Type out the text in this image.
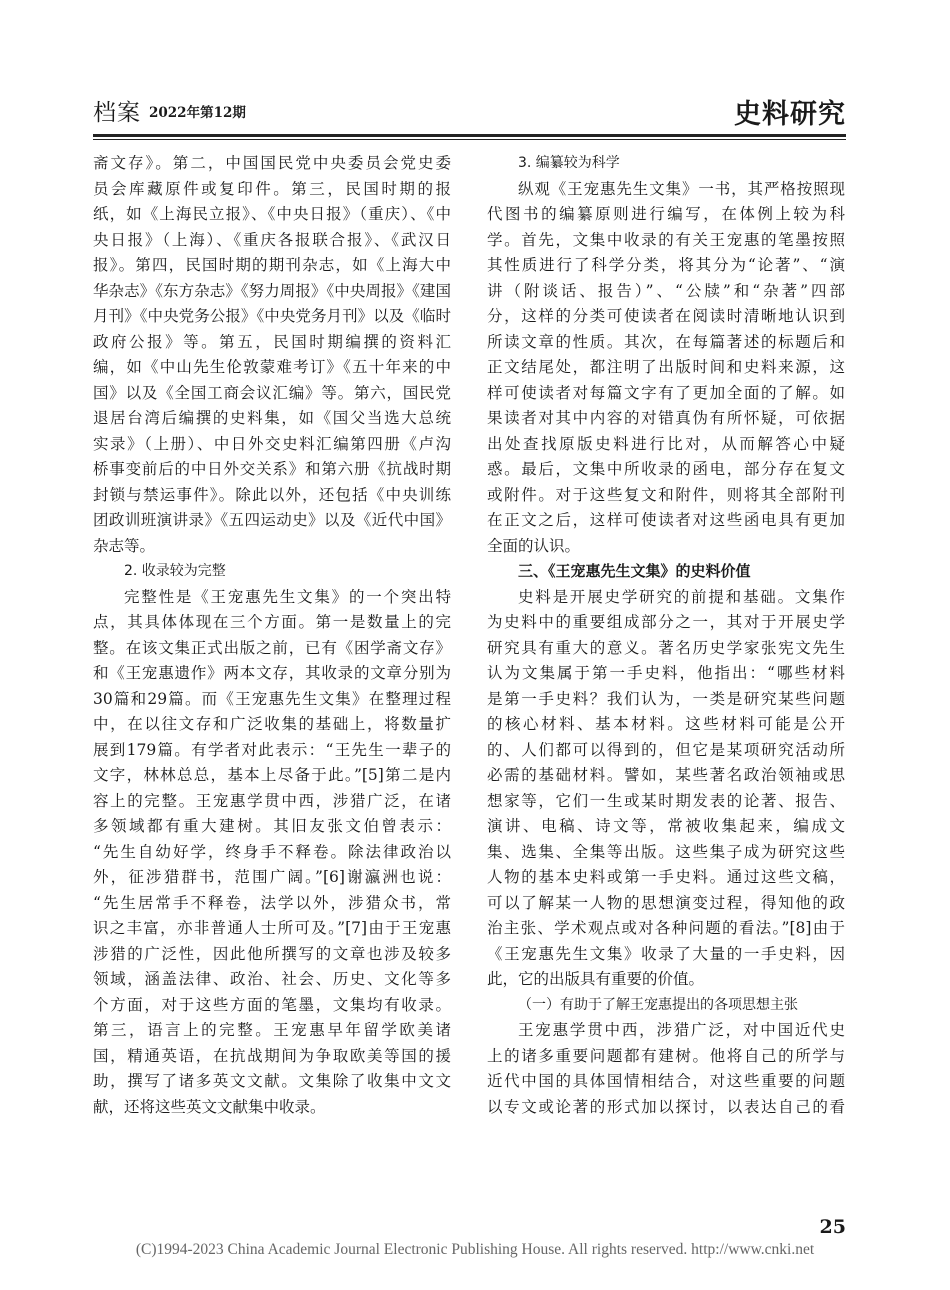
档案 2022年第12期	史料研究
斋文存》。第二，中国国民党中央委员会党史委
员会库藏原件或复印件。第三，民国时期的报
纸，如《上海民立报》、《中央日报》（重庆）、《中
央日报》（上海）、《重庆各报联合报》、《武汉日
报》。第四，民国时期的期刊杂志，如《上海大中
华杂志》《东方杂志》《努力周报》《中央周报》《建国
月刊》《中央党务公报》《中央党务月刊》以及《临时
政府公报》等。第五，民国时期编撰的资料汇
编，如《中山先生伦敦蒙难考订》《五十年来的中
国》以及《全国工商会议汇编》等。第六，国民党
退居台湾后编撰的史料集，如《国父当选大总统
实录》（上册）、中日外交史料汇编第四册《卢沟
桥事变前后的中日外交关系》和第六册《抗战时期
封锁与禁运事件》。除此以外，还包括《中央训练
团政训班演讲录》《五四运动史》以及《近代中国》
杂志等。
2. 收录较为完整
完整性是《王宠惠先生文集》的一个突出特
点，其具体体现在三个方面。第一是数量上的完
整。在该文集正式出版之前，已有《困学斋文存》
和《王宠惠遗作》两本文存，其收录的文章分别为
30篇和29篇。而《王宠惠先生文集》在整理过程
中，在以往文存和广泛收集的基础上，将数量扩
展到179篇。有学者对此表示：“王先生一辈子的
文字，林林总总，基本上尽备于此。”[5]第二是内
容上的完整。王宠惠学贯中西，涉猎广泛，在诸
多领域都有重大建树。其旧友张文伯曾表示：
“先生自幼好学，终身手不释卷。除法律政治以
外，征涉猎群书，范围广阔。”[6]谢瀛洲也说：
“先生居常手不释卷，法学以外，涉猎众书，常
识之丰富，亦非普通人士所可及。”[7]由于王宠惠
涉猎的广泛性，因此他所撰写的文章也涉及较多
领域，涵盖法律、政治、社会、历史、文化等多
个方面，对于这些方面的笔墨，文集均有收录。
第三，语言上的完整。王宠惠早年留学欧美诸
国，精通英语，在抗战期间为争取欧美等国的援
助，撰写了诸多英文文献。文集除了收集中文文
献，还将这些英文文献集中收录。
3. 编纂较为科学
纵观《王宠惠先生文集》一书，其严格按照现
代图书的编纂原则进行编写，在体例上较为科
学。首先，文集中收录的有关王宠惠的笔墨按照
其性质进行了科学分类，将其分为“论著”、“演
讲（附谈话、报告）”、“公牍”和“杂著”四部
分，这样的分类可使读者在阅读时清晰地认识到
所读文章的性质。其次，在每篇著述的标题后和
正文结尾处，都注明了出版时间和史料来源，这
样可使读者对每篇文字有了更加全面的了解。如
果读者对其中内容的对错真伪有所怀疑，可依据
出处查找原版史料进行比对，从而解答心中疑
惑。最后，文集中所收录的函电，部分存在复文
或附件。对于这些复文和附件，则将其全部附刊
在正文之后，这样可使读者对这些函电具有更加
全面的认识。
三、《王宠惠先生文集》的史料价值
史料是开展史学研究的前提和基础。文集作
为史料中的重要组成部分之一，其对于开展史学
研究具有重大的意义。著名历史学家张宪文先生
认为文集属于第一手史料，他指出：“哪些材料
是第一手史料？我们认为，一类是研究某些问题
的核心材料、基本材料。这些材料可能是公开
的、人们都可以得到的，但它是某项研究活动所
必需的基础材料。譬如，某些著名政治领袖或思
想家等，它们一生或某时期发表的论著、报告、
演讲、电稿、诗文等，常被收集起来，编成文
集、选集、全集等出版。这些集子成为研究这些
人物的基本史料或第一手史料。通过这些文稿，
可以了解某一人物的思想演变过程，得知他的政
治主张、学术观点或对各种问题的看法。”[8]由于
《王宠惠先生文集》收录了大量的一手史料，因
此，它的出版具有重要的价值。
（一）有助于了解王宠惠提出的各项思想主张
王宠惠学贯中西，涉猎广泛，对中国近代史
上的诸多重要问题都有建树。他将自己的所学与
近代中国的具体国情相结合，对这些重要的问题
以专文或论著的形式加以探讨，以表达自己的看
25
(C)1994-2023 China Academic Journal Electronic Publishing House. All rights reserved. http://www.cnki.net
